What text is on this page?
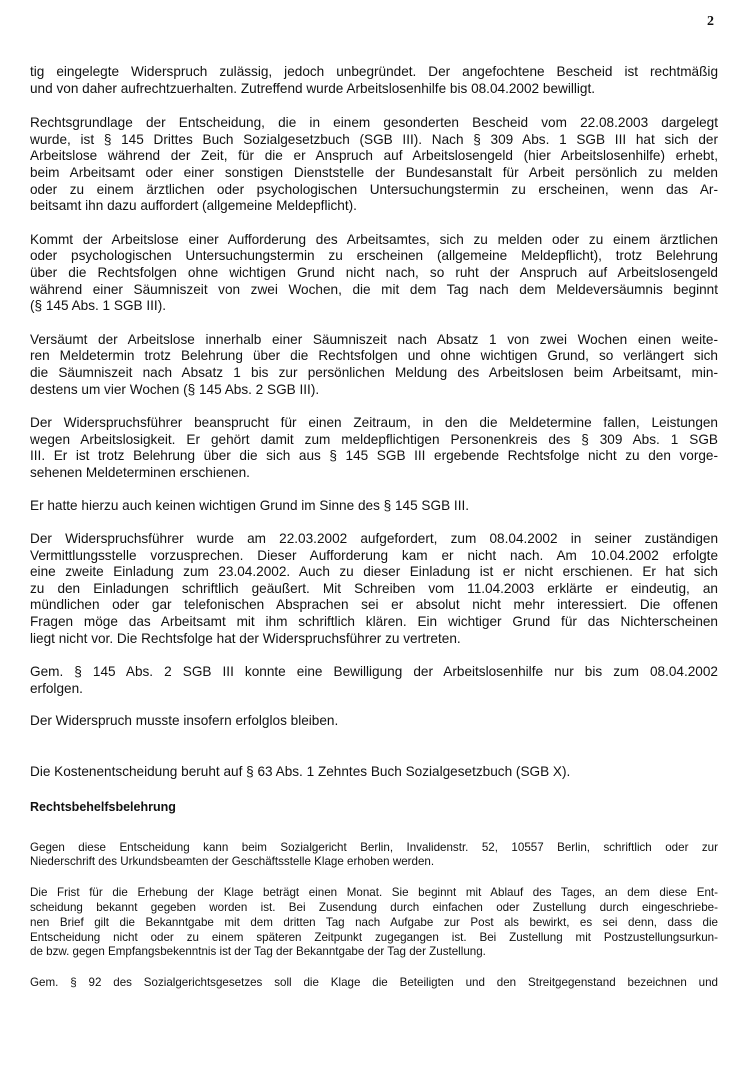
2
tig eingelegte Widerspruch zulässig, jedoch unbegründet. Der angefochtene Bescheid ist rechtmäßig
und von daher aufrechtzuerhalten. Zutreffend wurde Arbeitslosenhilfe bis 08.04.2002 bewilligt.
Rechtsgrundlage der Entscheidung, die in einem gesonderten Bescheid vom 22.08.2003 dargelegt
wurde, ist § 145 Drittes Buch Sozialgesetzbuch (SGB III). Nach § 309 Abs. 1 SGB III hat sich der
Arbeitslose während der Zeit, für die er Anspruch auf Arbeitslosengeld (hier Arbeitslosenhilfe) erhebt,
beim Arbeitsamt oder einer sonstigen Dienststelle der Bundesanstalt für Arbeit persönlich zu melden
oder zu einem ärztlichen oder psychologischen Untersuchungstermin zu erscheinen, wenn das Ar-
beitsamt ihn dazu auffordert (allgemeine Meldepflicht).
Kommt der Arbeitslose einer Aufforderung des Arbeitsamtes, sich zu melden oder zu einem ärztlichen
oder psychologischen Untersuchungstermin zu erscheinen (allgemeine Meldepflicht), trotz Belehrung
über die Rechtsfolgen ohne wichtigen Grund nicht nach, so ruht der Anspruch auf Arbeitslosengeld
während einer Säumniszeit von zwei Wochen, die mit dem Tag nach dem Meldeversäumnis beginnt
(§ 145 Abs. 1 SGB III).
Versäumt der Arbeitslose innerhalb einer Säumniszeit nach Absatz 1 von zwei Wochen einen weite-
ren Meldetermin trotz Belehrung über die Rechtsfolgen und ohne wichtigen Grund, so verlängert sich
die Säumniszeit nach Absatz 1 bis zur persönlichen Meldung des Arbeitslosen beim Arbeitsamt, min-
destens um vier Wochen (§ 145 Abs. 2 SGB III).
Der Widerspruchsführer beansprucht für einen Zeitraum, in den die Meldetermine fallen, Leistungen
wegen Arbeitslosigkeit. Er gehört damit zum meldepflichtigen Personenkreis des § 309 Abs. 1 SGB
III. Er ist trotz Belehrung über die sich aus § 145 SGB III ergebende Rechtsfolge nicht zu den vorge-
sehenen Meldeterminen erschienen.
Er hatte hierzu auch keinen wichtigen Grund im Sinne des § 145 SGB III.
Der Widerspruchsführer wurde am 22.03.2002 aufgefordert, zum 08.04.2002 in seiner zuständigen
Vermittlungsstelle vorzusprechen. Dieser Aufforderung kam er nicht nach. Am 10.04.2002 erfolgte
eine zweite Einladung zum 23.04.2002. Auch zu dieser Einladung ist er nicht erschienen. Er hat sich
zu den Einladungen schriftlich geäußert. Mit Schreiben vom 11.04.2003 erklärte er eindeutig, an
mündlichen oder gar telefonischen Absprachen sei er absolut nicht mehr interessiert. Die offenen
Fragen möge das Arbeitsamt mit ihm schriftlich klären. Ein wichtiger Grund für das Nichterscheinen
liegt nicht vor. Die Rechtsfolge hat der Widerspruchsführer zu vertreten.
Gem. § 145 Abs. 2 SGB III konnte eine Bewilligung der Arbeitslosenhilfe nur bis zum 08.04.2002
erfolgen.
Der Widerspruch musste insofern erfolglos bleiben.
Die Kostenentscheidung beruht auf § 63 Abs. 1 Zehntes Buch Sozialgesetzbuch (SGB X).
Rechtsbehelfsbelehrung
Gegen diese Entscheidung kann beim Sozialgericht Berlin, Invalidenstr. 52, 10557 Berlin, schriftlich oder zur
Niederschrift des Urkundsbeamten der Geschäftsstelle Klage erhoben werden.
Die Frist für die Erhebung der Klage beträgt einen Monat. Sie beginnt mit Ablauf des Tages, an dem diese Ent-
scheidung bekannt gegeben worden ist. Bei Zusendung durch einfachen oder Zustellung durch eingeschriebe-
nen Brief gilt die Bekanntgabe mit dem dritten Tag nach Aufgabe zur Post als bewirkt, es sei denn, dass die
Entscheidung nicht oder zu einem späteren Zeitpunkt zugegangen ist. Bei Zustellung mit Postzustellungsurkun-
de bzw. gegen Empfangsbekenntnis ist der Tag der Bekanntgabe der Tag der Zustellung.
Gem. § 92 des Sozialgerichtsgesetzes soll die Klage die Beteiligten und den Streitgegenstand bezeichnen und
